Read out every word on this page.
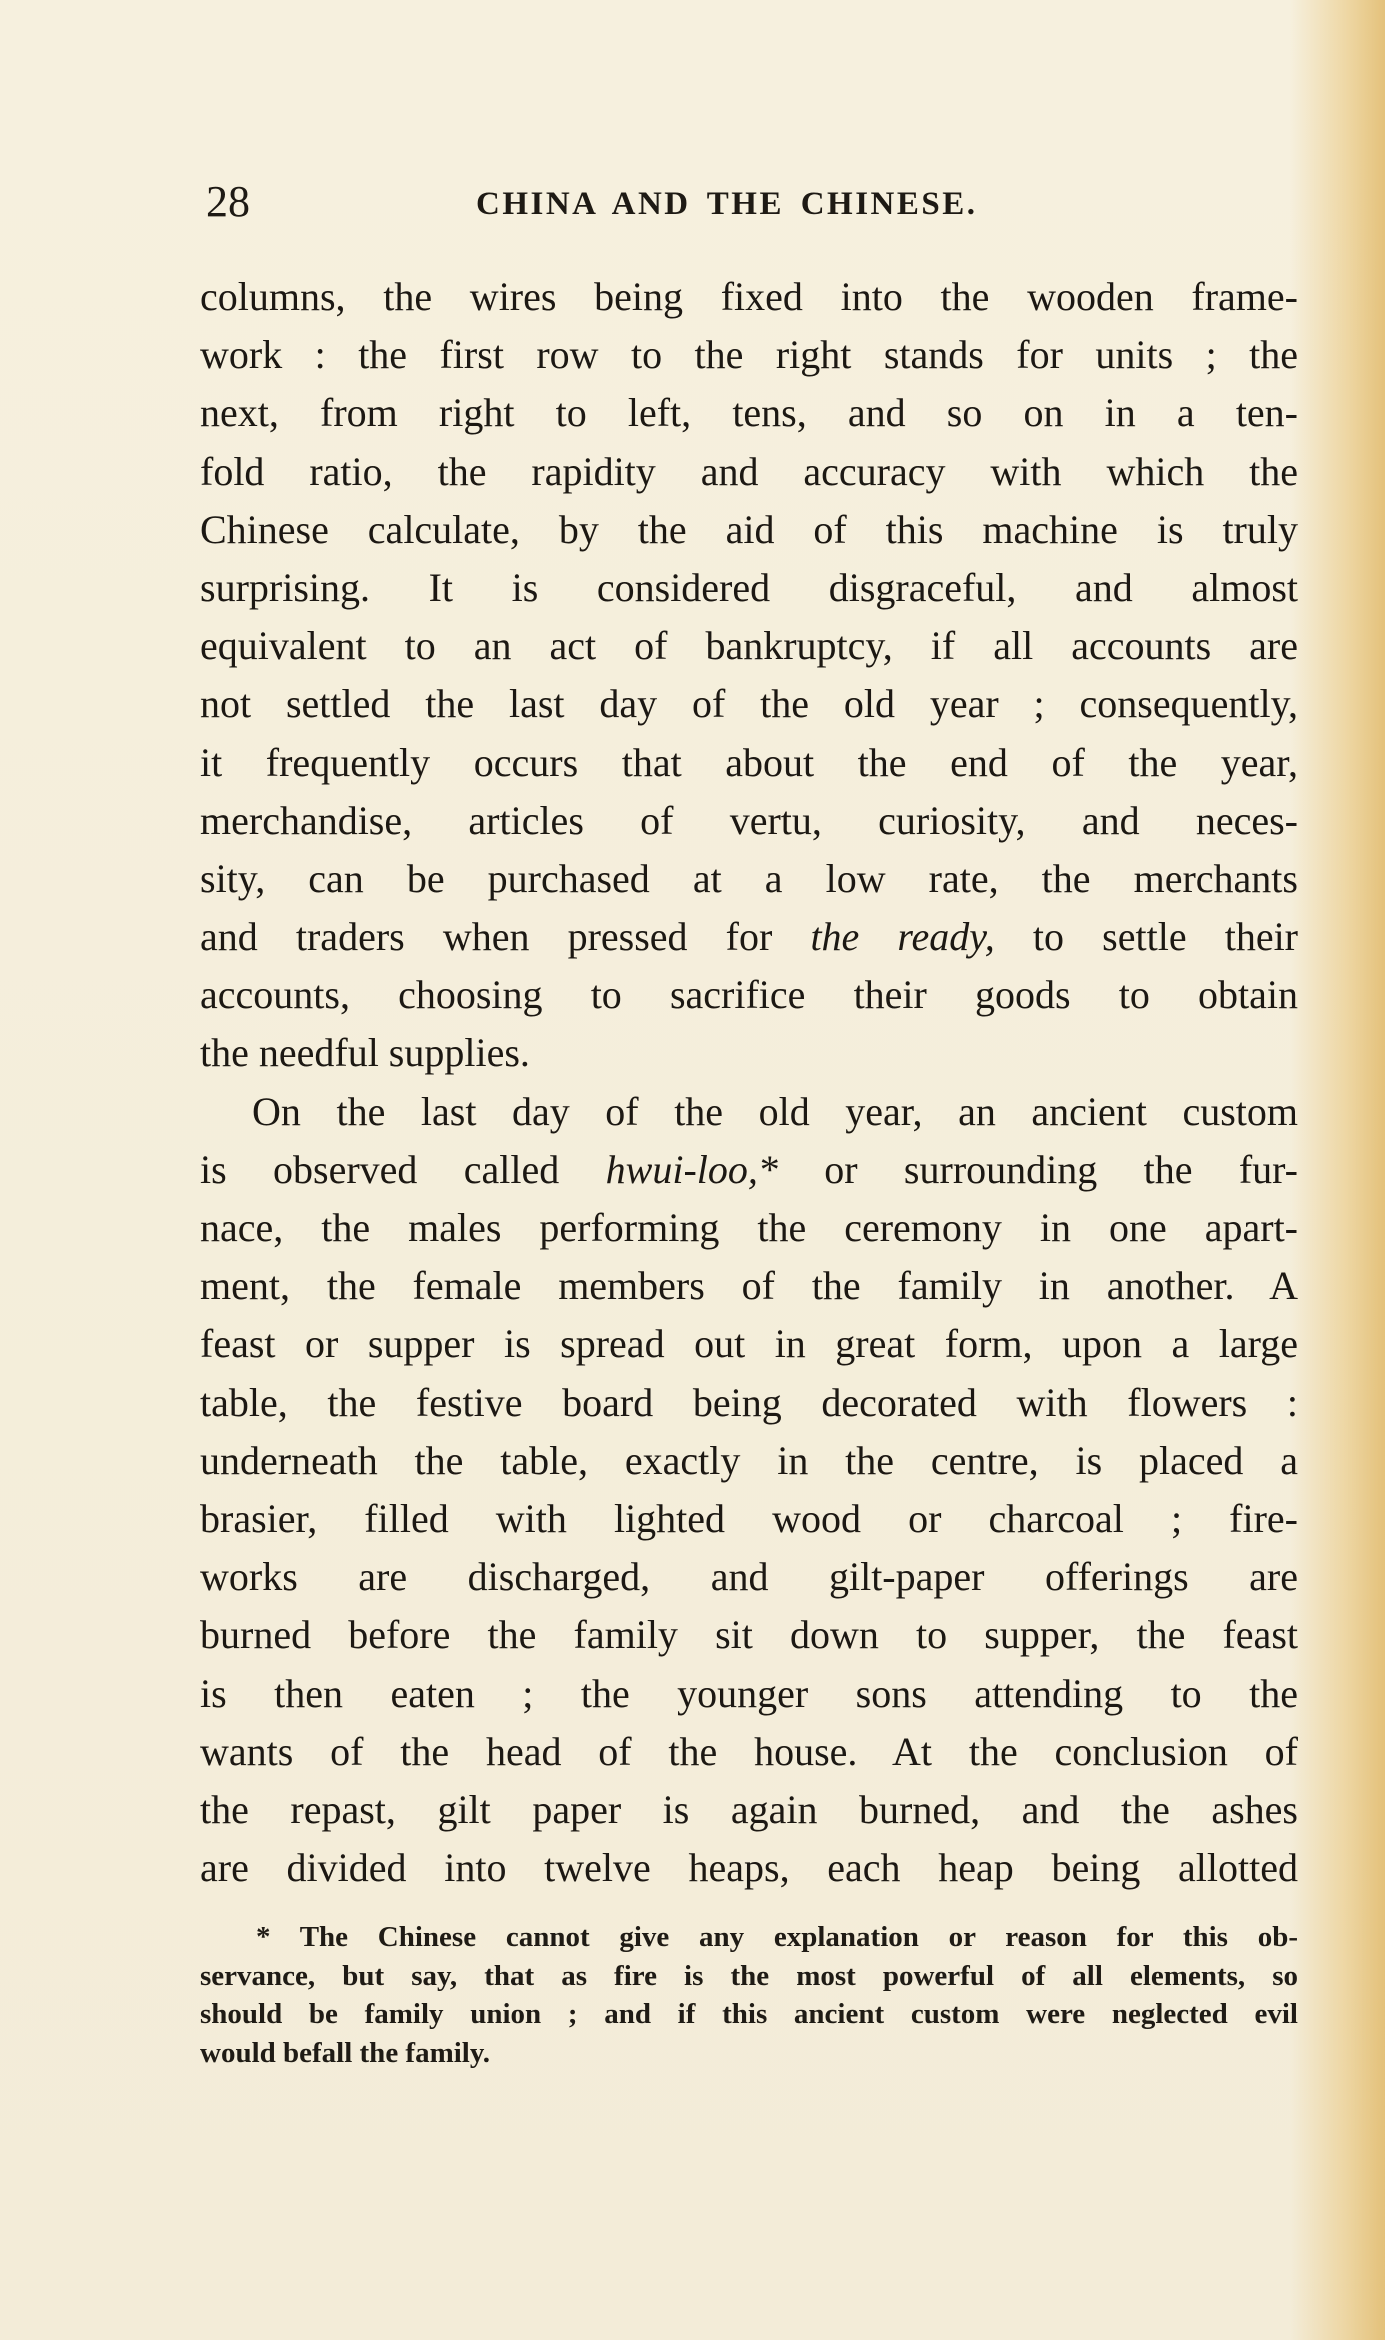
28	CHINA AND THE CHINESE.

columns, the wires being fixed into the wooden frame-
work : the first row to the right stands for units ; the
next, from right to left, tens, and so on in a ten-
fold ratio, the rapidity and accuracy with which the
Chinese calculate, by the aid of this machine is truly
surprising. It is considered disgraceful, and almost
equivalent to an act of bankruptcy, if all accounts are
not settled the last day of the old year ; consequently,
it frequently occurs that about the end of the year,
merchandise, articles of vertu, curiosity, and neces-
sity, can be purchased at a low rate, the merchants
and traders when pressed for the ready, to settle their
accounts, choosing to sacrifice their goods to obtain
the needful supplies.

On the last day of the old year, an ancient custom
is observed called hwui-loo,* or surrounding the fur-
nace, the males performing the ceremony in one apart-
ment, the female members of the family in another. A
feast or supper is spread out in great form, upon a large
table, the festive board being decorated with flowers :
underneath the table, exactly in the centre, is placed a
brasier, filled with lighted wood or charcoal ; fire-
works are discharged, and gilt-paper offerings are
burned before the family sit down to supper, the feast
is then eaten ; the younger sons attending to the
wants of the head of the house. At the conclusion of
the repast, gilt paper is again burned, and the ashes
are divided into twelve heaps, each heap being allotted

* The Chinese cannot give any explanation or reason for this ob-
servance, but say, that as fire is the most powerful of all elements, so
should be family union ; and if this ancient custom were neglected evil
would befall the family.
